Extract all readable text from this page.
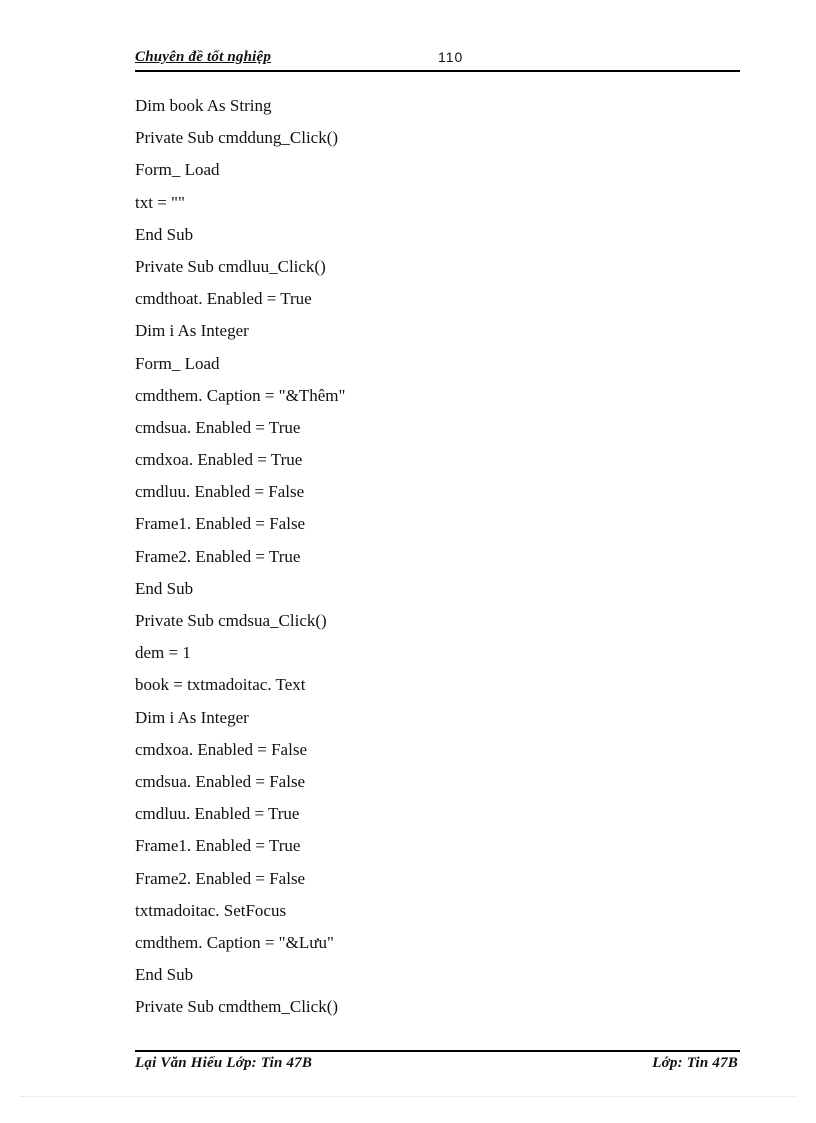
Chuyên đề tốt nghiệp	110
Dim book As String
Private Sub cmddung_Click()
Form_ Load
txt = ""
End Sub
Private Sub cmdluu_Click()
cmdthoat. Enabled = True
Dim i As Integer
Form_ Load
cmdthem. Caption = "&Thêm"
cmdsua. Enabled = True
cmdxoa. Enabled = True
cmdluu. Enabled = False
Frame1. Enabled = False
Frame2. Enabled = True
End Sub
Private Sub cmdsua_Click()
dem = 1
book = txtmadoitac. Text
Dim i As Integer
cmdxoa. Enabled = False
cmdsua. Enabled = False
cmdluu. Enabled = True
Frame1. Enabled = True
Frame2. Enabled = False
txtmadoitac. SetFocus
cmdthem. Caption = "&Lưu"
End Sub
Private Sub cmdthem_Click()
Lại Văn Hiếu Lớp: Tin 47B	Lớp: Tin 47B
